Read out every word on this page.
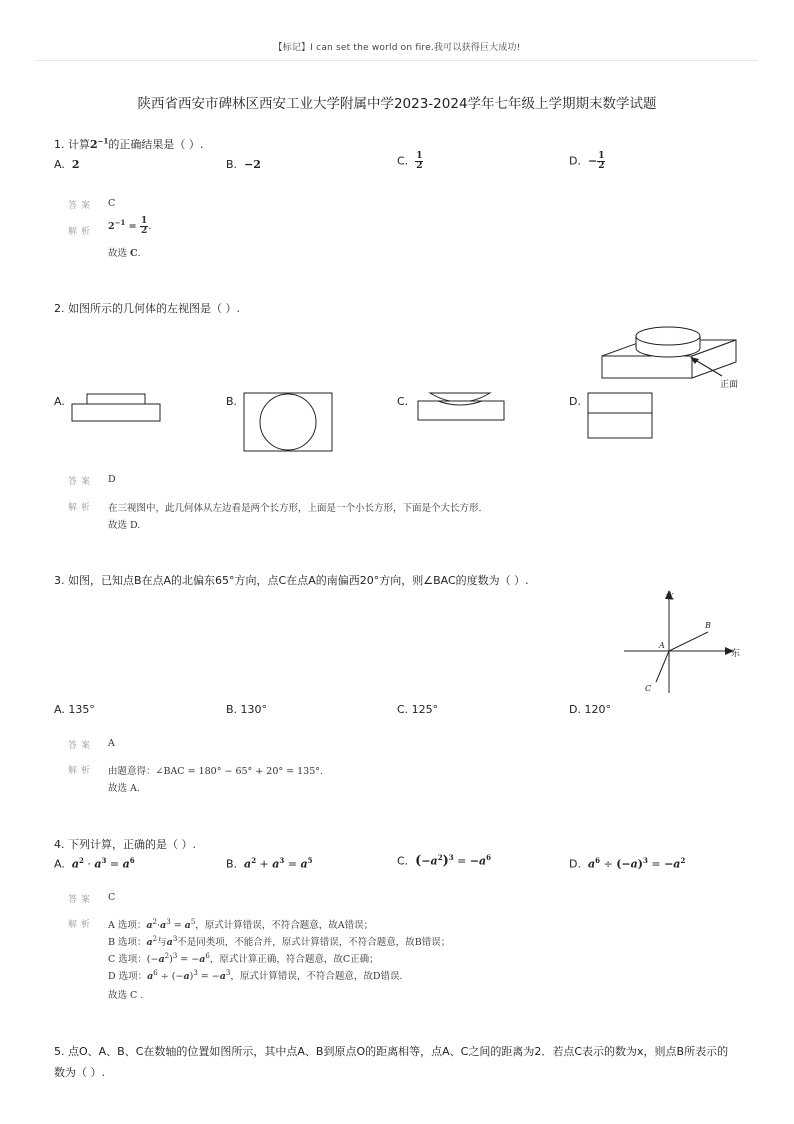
【标记】I can set the world on fire.我可以获得巨大成功!
陕西省西安市碑林区西安工业大学附属中学2023-2024学年七年级上学期期末数学试题
1. 计算$2^{-1}$的正确结果是（ ）.
A. 2	B. −2	C. $\frac{1}{2}$	D. − $\frac{1}{2}$
答案 C
解析 $2^{-1} = \frac{1}{2}$ .
故选 C.
2. 如图所示的几何体的左视图是（ ）.
正面
A.	B.	C.	D.
答案 D
解析 在三视图中，此几何体从左边看是两个长方形，上面是一个小长方形，下面是个大长方形.
故选 D.
3. 如图，已知点B在点A的北偏东65°方向，点C在点A的南偏西20°方向，则∠BAC的度数为（ ）.
北
东
A
B
C
A. 135°	B. 130°	C. 125°	D. 120°
答案 A
解析 由题意得：∠BAC = 180° − 65° + 20° = 135°.
故选 A.
4. 下列计算，正确的是（ ）.
A.  $a^2 \cdot a^3 = a^6$	B.  $a^2 + a^3 = a^5$	C.  $(-a^2)^3 = -a^6$
D.  $a^6 \div (-a)^3 = -a^2$
答案 C
解析 A 选项：$a^2\cdot a^3 = a^5$，原式计算错误，不符合题意，故A错误；
B 选项：$a^2$与$a^3$不是同类项，不能合并，原式计算错误，不符合题意，故B错误；
C 选项：$(-a^2)^3 = -a^6$，原式计算正确，符合题意，故C正确；
D 选项：$a^6 \div (-a)^3 = -a^3$，原式计算错误，不符合题意，故D错误.
故选 C .
5. 点O、A、B、C在数轴的位置如图所示，其中点A、B到原点O的距离相等，点A、C之间的距离为2．若点C表示的数为x，则点B所表示的
数为（ ）.
